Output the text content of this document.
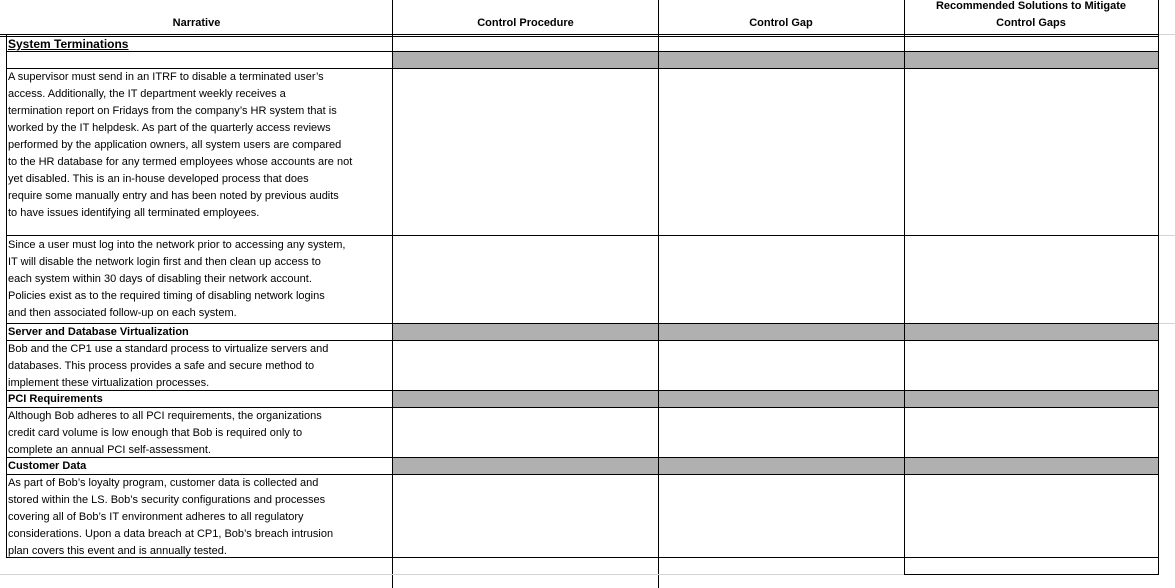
Narrative	Control Procedure	Control Gap
Recommended Solutions to Mitigate
Control Gaps
System Terminations
A supervisor must send in an ITRF to disable a terminated user’s
access. Additionally, the IT department weekly receives a
termination report on Fridays from the company’s HR system that is
worked by the IT helpdesk. As part of the quarterly access reviews
performed by the application owners, all system users are compared
to the HR database for any termed employees whose accounts are not
yet disabled. This is an in-house developed process that does
require some manually entry and has been noted by previous audits
to have issues identifying all terminated employees.
Since a user must log into the network prior to accessing any system,
IT will disable the network login first and then clean up access to
each system within 30 days of disabling their network account.
Policies exist as to the required timing of disabling network logins
and then associated follow-up on each system.
Server and Database Virtualization
Bob and the CP1 use a standard process to virtualize servers and
databases. This process provides a safe and secure method to
implement these virtualization processes.
PCI Requirements
Although Bob adheres to all PCI requirements, the organizations
credit card volume is low enough that Bob is required only to
complete an annual PCI self-assessment.
Customer Data
As part of Bob’s loyalty program, customer data is collected and
stored within the LS. Bob’s security configurations and processes
covering all of Bob’s IT environment adheres to all regulatory
considerations. Upon a data breach at CP1, Bob’s breach intrusion
plan covers this event and is annually tested.
